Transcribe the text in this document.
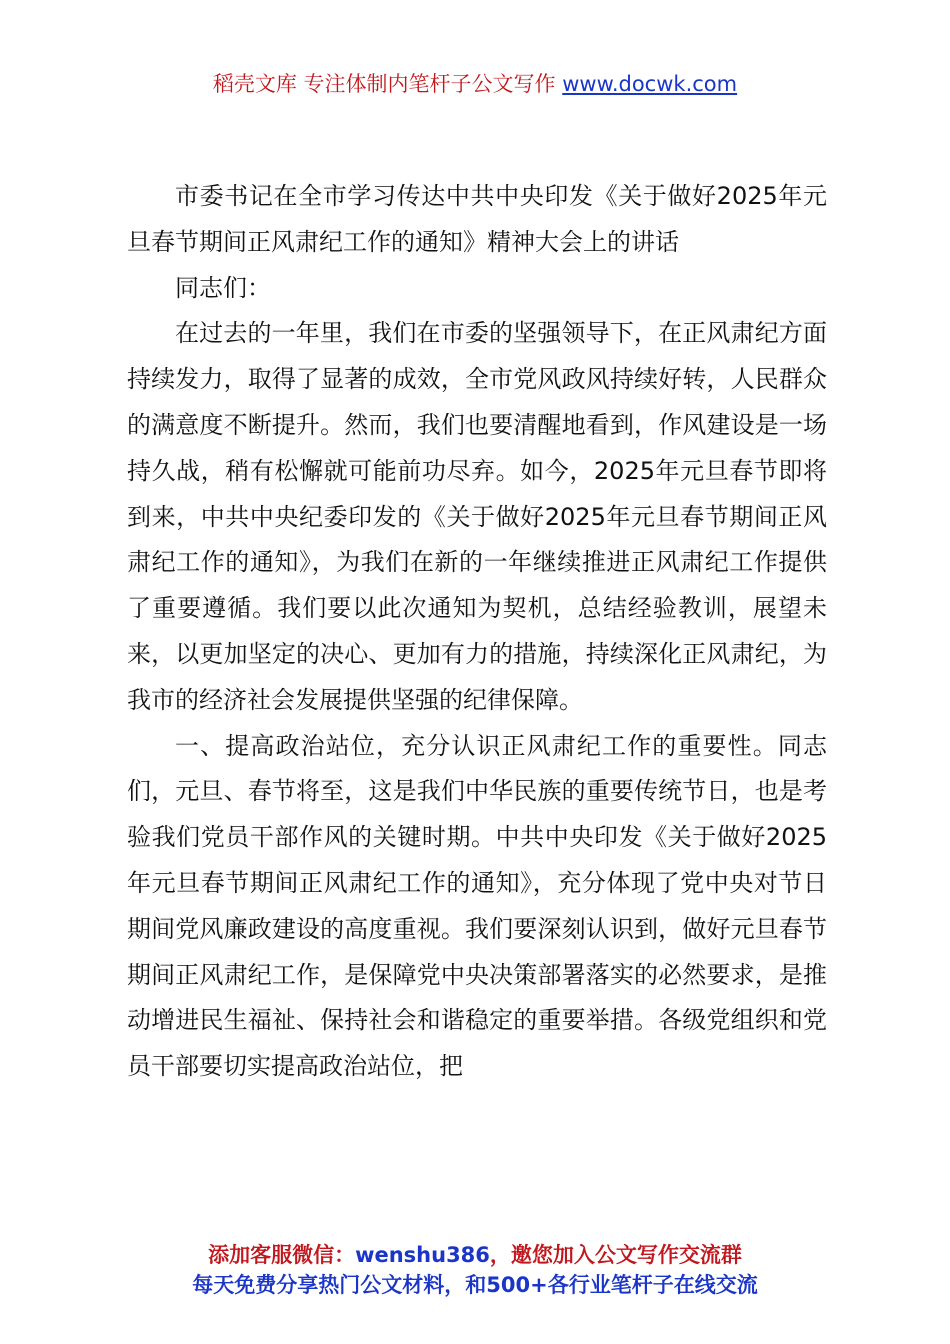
稻壳文库 专注体制内笔杆子公文写作 www.docwk.com

市委书记在全市学习传达中共中央印发《关于做好2025年元旦春节期间正风肃纪工作的通知》精神大会上的讲话

同志们：

在过去的一年里，我们在市委的坚强领导下，在正风肃纪方面持续发力，取得了显著的成效，全市党风政风持续好转，人民群众的满意度不断提升。然而，我们也要清醒地看到，作风建设是一场持久战，稍有松懈就可能前功尽弃。如今，2025年元旦春节即将到来，中共中央纪委印发的《关于做好2025年元旦春节期间正风肃纪工作的通知》，为我们在新的一年继续推进正风肃纪工作提供了重要遵循。我们要以此次通知为契机，总结经验教训，展望未来，以更加坚定的决心、更加有力的措施，持续深化正风肃纪，为我市的经济社会发展提供坚强的纪律保障。

一、提高政治站位，充分认识正风肃纪工作的重要性。同志们，元旦、春节将至，这是我们中华民族的重要传统节日，也是考验我们党员干部作风的关键时期。中共中央印发《关于做好2025年元旦春节期间正风肃纪工作的通知》，充分体现了党中央对节日期间党风廉政建设的高度重视。我们要深刻认识到，做好元旦春节期间正风肃纪工作，是保障党中央决策部署落实的必然要求，是推动增进民生福祉、保持社会和谐稳定的重要举措。各级党组织和党员干部要切实提高政治站位，把

添加客服微信：wenshu386，邀您加入公文写作交流群
每天免费分享热门公文材料，和500+各行业笔杆子在线交流
